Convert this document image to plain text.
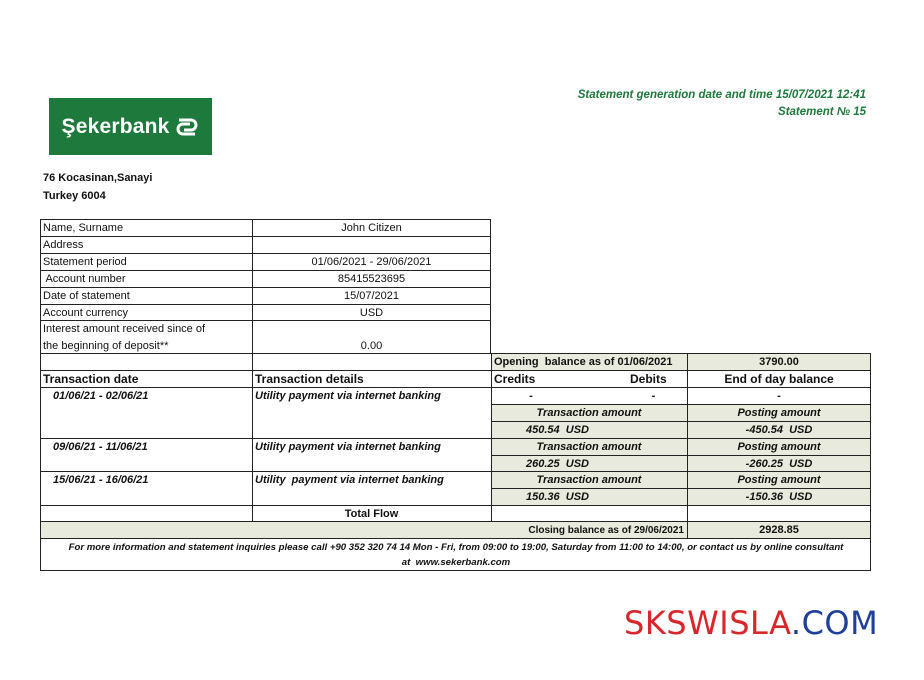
Şekerbank
Statement generation date and time 15/07/2021 12:41
Statement № 15
76 Kocasinan,Sanayi
Turkey 6004
Name, Surname	John Citizen
Address
Statement period	01/06/2021 - 29/06/2021
Account number	85415523695
Date of statement	15/07/2021
Account currency	USD
Interest amount received since of
the beginning of deposit**	0.00
Opening  balance as of 01/06/2021	3790.00
Transaction date	Transaction details	Credits	Debits	End of day balance
01/06/21 - 02/06/21	Utility payment via internet banking	-	-	-
Transaction amount	Posting amount
450.54  USD	-450.54  USD
09/06/21 - 11/06/21	Utility payment via internet banking	Transaction amount	Posting amount
260.25  USD	-260.25  USD
15/06/21 - 16/06/21	Utility  payment via internet banking	Transaction amount	Posting amount
150.36  USD	-150.36  USD
Total Flow
Closing balance as of 29/06/2021	2928.85
For more information and statement inquiries please call +90 352 320 74 14 Mon - Fri, from 09:00 to 19:00, Saturday from 11:00 to 14:00, or contact us by online consultant
at  www.sekerbank.com
SKSWISLA.COM
